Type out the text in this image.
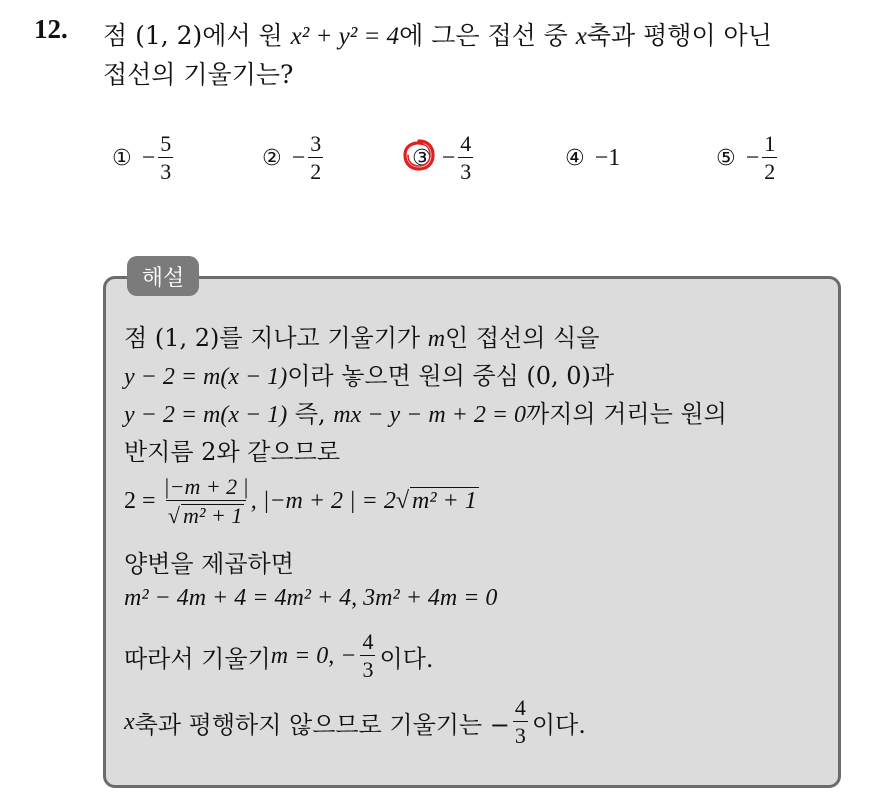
12. 점 (1, 2)에서 원 x² + y² = 4에 그은 접선 중 x축과 평행이 아닌
접선의 기울기는?
① − $\frac{5}{3}$	② − $\frac{3}{2}$	③ − $\frac{4}{3}$	④ −1	⑤ − $\frac{1}{2}$
해설
점 (1, 2)를 지나고 기울기가 m인 접선의 식을
y − 2 = m(x − 1)이라 놓으면 원의 중심 (0, 0)과
y − 2 = m(x − 1) 즉, mx − y − m + 2 = 0까지의 거리는 원의
반지름 2와 같으므로
$2 = \frac{|-m + 2 |}{\text{√ m² + 1}}$ , |−m + 2 | = 2 √ m² + 1
양변을 제곱하면
m² − 4m + 4 = 4m² + 4, 3m² + 4m = 0
따라서 기울기 m = 0, − $\frac{4}{3}$ 이다.
x 축과 평행하지 않으므로 기울기는 − $\frac{4}{3}$ 이다.
